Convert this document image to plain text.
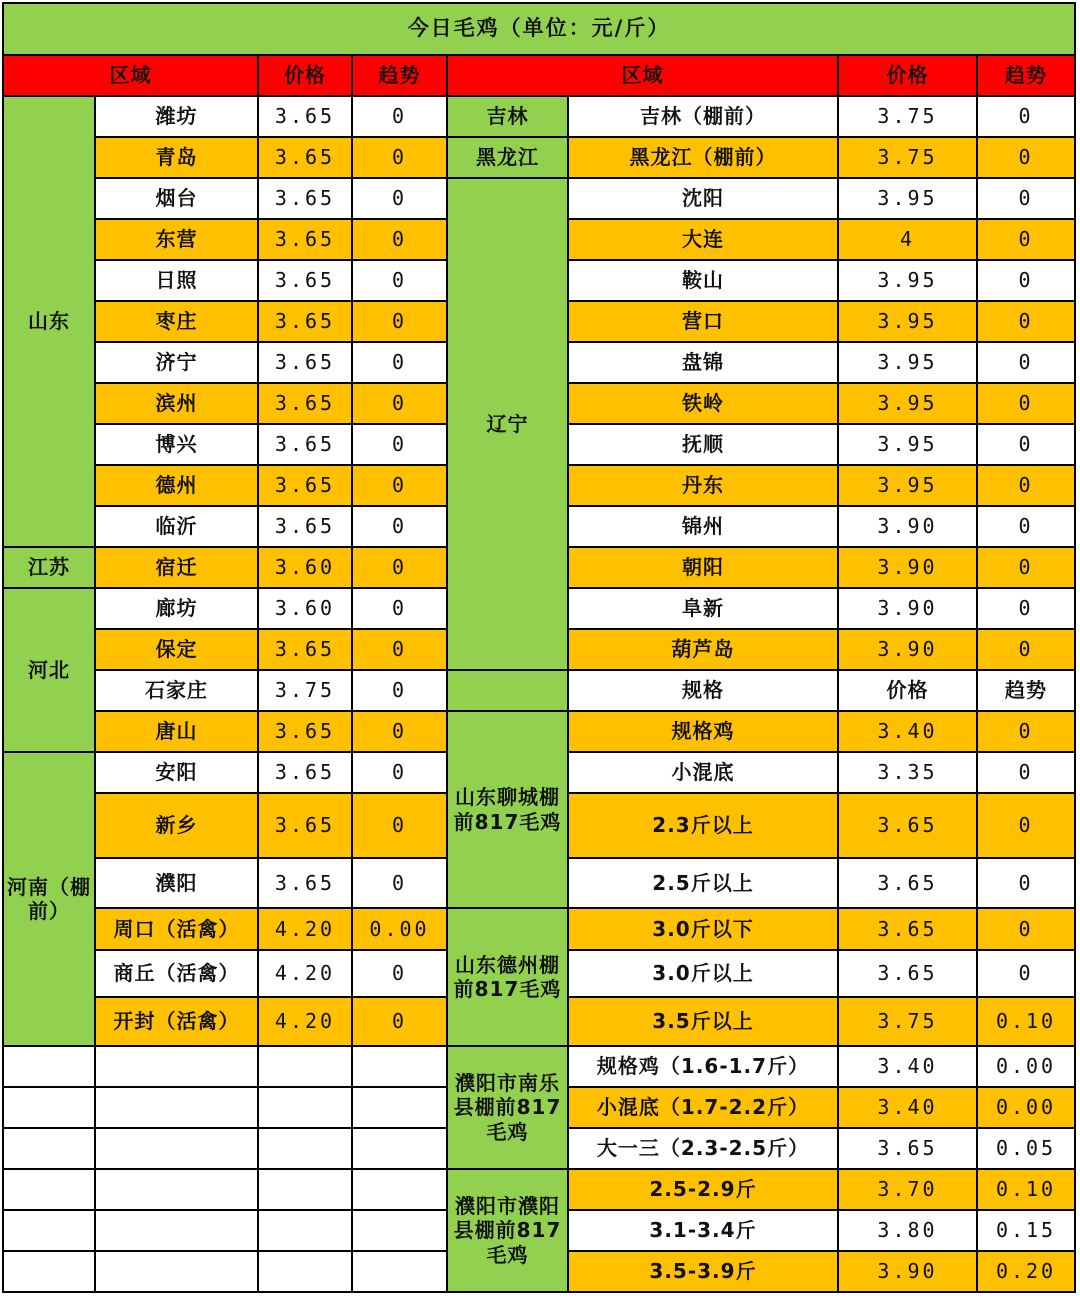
今日毛鸡（单位：元/斤）							
区域		价格	趋势	区域		价格	趋势
山东	潍坊	3.65	0	吉林	吉林（棚前）	3.75	0
	青岛	3.65	0	黑龙江	黑龙江（棚前）	3.75	0
	烟台	3.65	0	辽宁	沈阳	3.95	0
	东营	3.65	0		大连	4	0
	日照	3.65	0		鞍山	3.95	0
	枣庄	3.65	0		营口	3.95	0
	济宁	3.65	0		盘锦	3.95	0
	滨州	3.65	0		铁岭	3.95	0
	博兴	3.65	0		抚顺	3.95	0
	德州	3.65	0		丹东	3.95	0
	临沂	3.65	0		锦州	3.90	0
江苏	宿迁	3.60	0		朝阳	3.90	0
河北	廊坊	3.60	0		阜新	3.90	0
	保定	3.65	0		葫芦岛	3.90	0
	石家庄	3.75	0		规格	价格	趋势
	唐山	3.65	0	山东聊城棚前817毛鸡	规格鸡	3.40	0
河南（棚前）	安阳	3.65	0		小混底	3.35	0
	新乡	3.65	0		2.3斤以上	3.65	0
	濮阳	3.65	0		2.5斤以上	3.65	0
	周口（活禽）	4.20	0.00	山东德州棚前817毛鸡	3.0斤以下	3.65	0
	商丘（活禽）	4.20	0		3.0斤以上	3.65	0
	开封（活禽）	4.20	0		3.5斤以上	3.75	0.10
				濮阳市南乐县棚前817毛鸡	规格鸡（1.6-1.7斤）	3.40	0.00
					小混底（1.7-2.2斤）	3.40	0.00
					大一三（2.3-2.5斤）	3.65	0.05
				濮阳市濮阳县棚前817毛鸡	2.5-2.9斤	3.70	0.10
					3.1-3.4斤	3.80	0.15
					3.5-3.9斤	3.90	0.20
